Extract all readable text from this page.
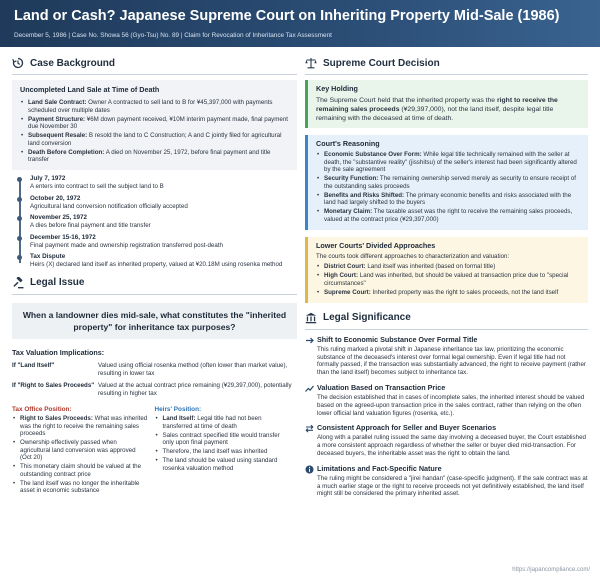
Land or Cash? Japanese Supreme Court on Inheriting Property Mid-Sale (1986)
December 5, 1986 | Case No. Showa 56 (Gyo-Tsu) No. 89 | Claim for Revocation of Inheritance Tax Assessment
Case Background
Uncompleted Land Sale at Time of Death
• Land Sale Contract: Owner A contracted to sell land to B for ¥45,397,000 with payments scheduled over multiple dates
• Payment Structure: ¥6M down payment received, ¥10M interim payment made, final payment due November 30
• Subsequent Resale: B resold the land to C Construction; A and C jointly filed for agricultural land conversion
• Death Before Completion: A died on November 25, 1972, before final payment and title transfer
July 7, 1972
A enters into contract to sell the subject land to B
October 20, 1972
Agricultural land conversion notification officially accepted
November 25, 1972
A dies before final payment and title transfer
December 15-16, 1972
Final payment made and ownership registration transferred post-death
Tax Dispute
Heirs (X) declared land itself as inherited property, valued at ¥20.18M using rosenka method
Legal Issue
When a landowner dies mid-sale, what constitutes the "inherited property" for inheritance tax purposes?
Tax Valuation Implications:
If "Land Itself"	Valued using official rosenka method (often lower than market value), resulting in lower tax
If "Right to Sales Proceeds" Valued at the actual contract price remaining (¥29,397,000), potentially resulting in higher tax
Tax Office Position:
• Right to Sales Proceeds: What was inherited was the right to receive the remaining sales proceeds
• Ownership effectively passed when agricultural land conversion was approved (Oct 20)
• This monetary claim should be valued at the outstanding contract price
• The land itself was no longer the inheritable asset in economic substance
Heirs' Position:
• Land Itself: Legal title had not been transferred at time of death
• Sales contract specified title would transfer only upon final payment
• Therefore, the land itself was inherited
• The land should be valued using standard rosenka valuation method
Supreme Court Decision
Key Holding
The Supreme Court held that the inherited property was the right to receive the remaining sales proceeds (¥29,397,000), not the land itself, despite legal title remaining with the deceased at time of death.
Court's Reasoning
• Economic Substance Over Form: While legal title technically remained with the seller at death, the "substantive reality" (jisshitsu) of the seller's interest had been significantly altered by the sale agreement
• Security Function: The remaining ownership served merely as security to ensure receipt of the outstanding sales proceeds
• Benefits and Risks Shifted: The primary economic benefits and risks associated with the land had largely shifted to the buyers
• Monetary Claim: The taxable asset was the right to receive the remaining sales proceeds, valued at the contract price (¥29,397,000)
Lower Courts' Divided Approaches
The courts took different approaches to characterization and valuation:
• District Court: Land itself was inherited (based on formal title)
• High Court: Land was inherited, but should be valued at transaction price due to "special circumstances"
• Supreme Court: Inherited property was the right to sales proceeds, not the land itself
Legal Significance
Shift to Economic Substance Over Formal Title
This ruling marked a pivotal shift in Japanese inheritance tax law, prioritizing the economic substance of the deceased's interest over formal legal ownership. Even if legal title had not formally passed, if the transaction was substantially advanced, the right to receive payment (rather than the land itself) becomes subject to inheritance tax.
Valuation Based on Transaction Price
The decision established that in cases of incomplete sales, the inherited interest should be valued based on the agreed-upon transaction price in the sales contract, rather than relying on the often lower official land valuation figures (rosenka, etc.).
Consistent Approach for Seller and Buyer Scenarios
Along with a parallel ruling issued the same day involving a deceased buyer, the Court established a more consistent approach regardless of whether the seller or buyer died mid-transaction. For deceased buyers, the inheritable asset was the right to obtain the land.
Limitations and Fact-Specific Nature
The ruling might be considered a "jirei handan" (case-specific judgment). If the sale contract was at a much earlier stage or the right to receive proceeds not yet definitively established, the land itself might still be considered the primary inherited asset.
https://japancompliance.com/
